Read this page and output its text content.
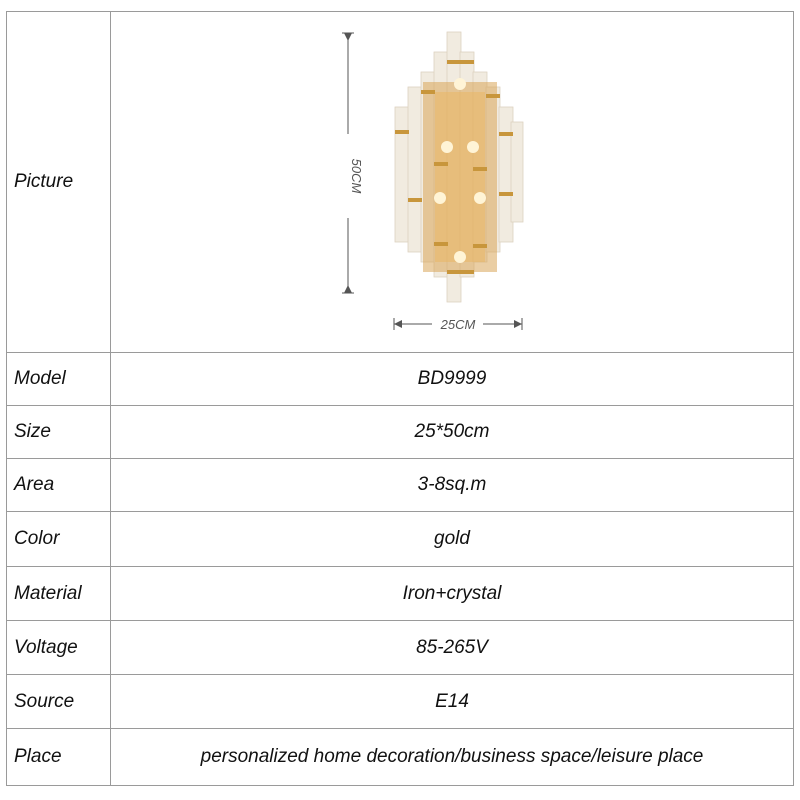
Picture	50CM
25CM
Model	BD9999
Size	25*50cm
Area	3-8sq.m
Color	gold
Material	Iron+crystal
Voltage	85-265V
Source	E14
Place	personalized home decoration/business space/leisure place
